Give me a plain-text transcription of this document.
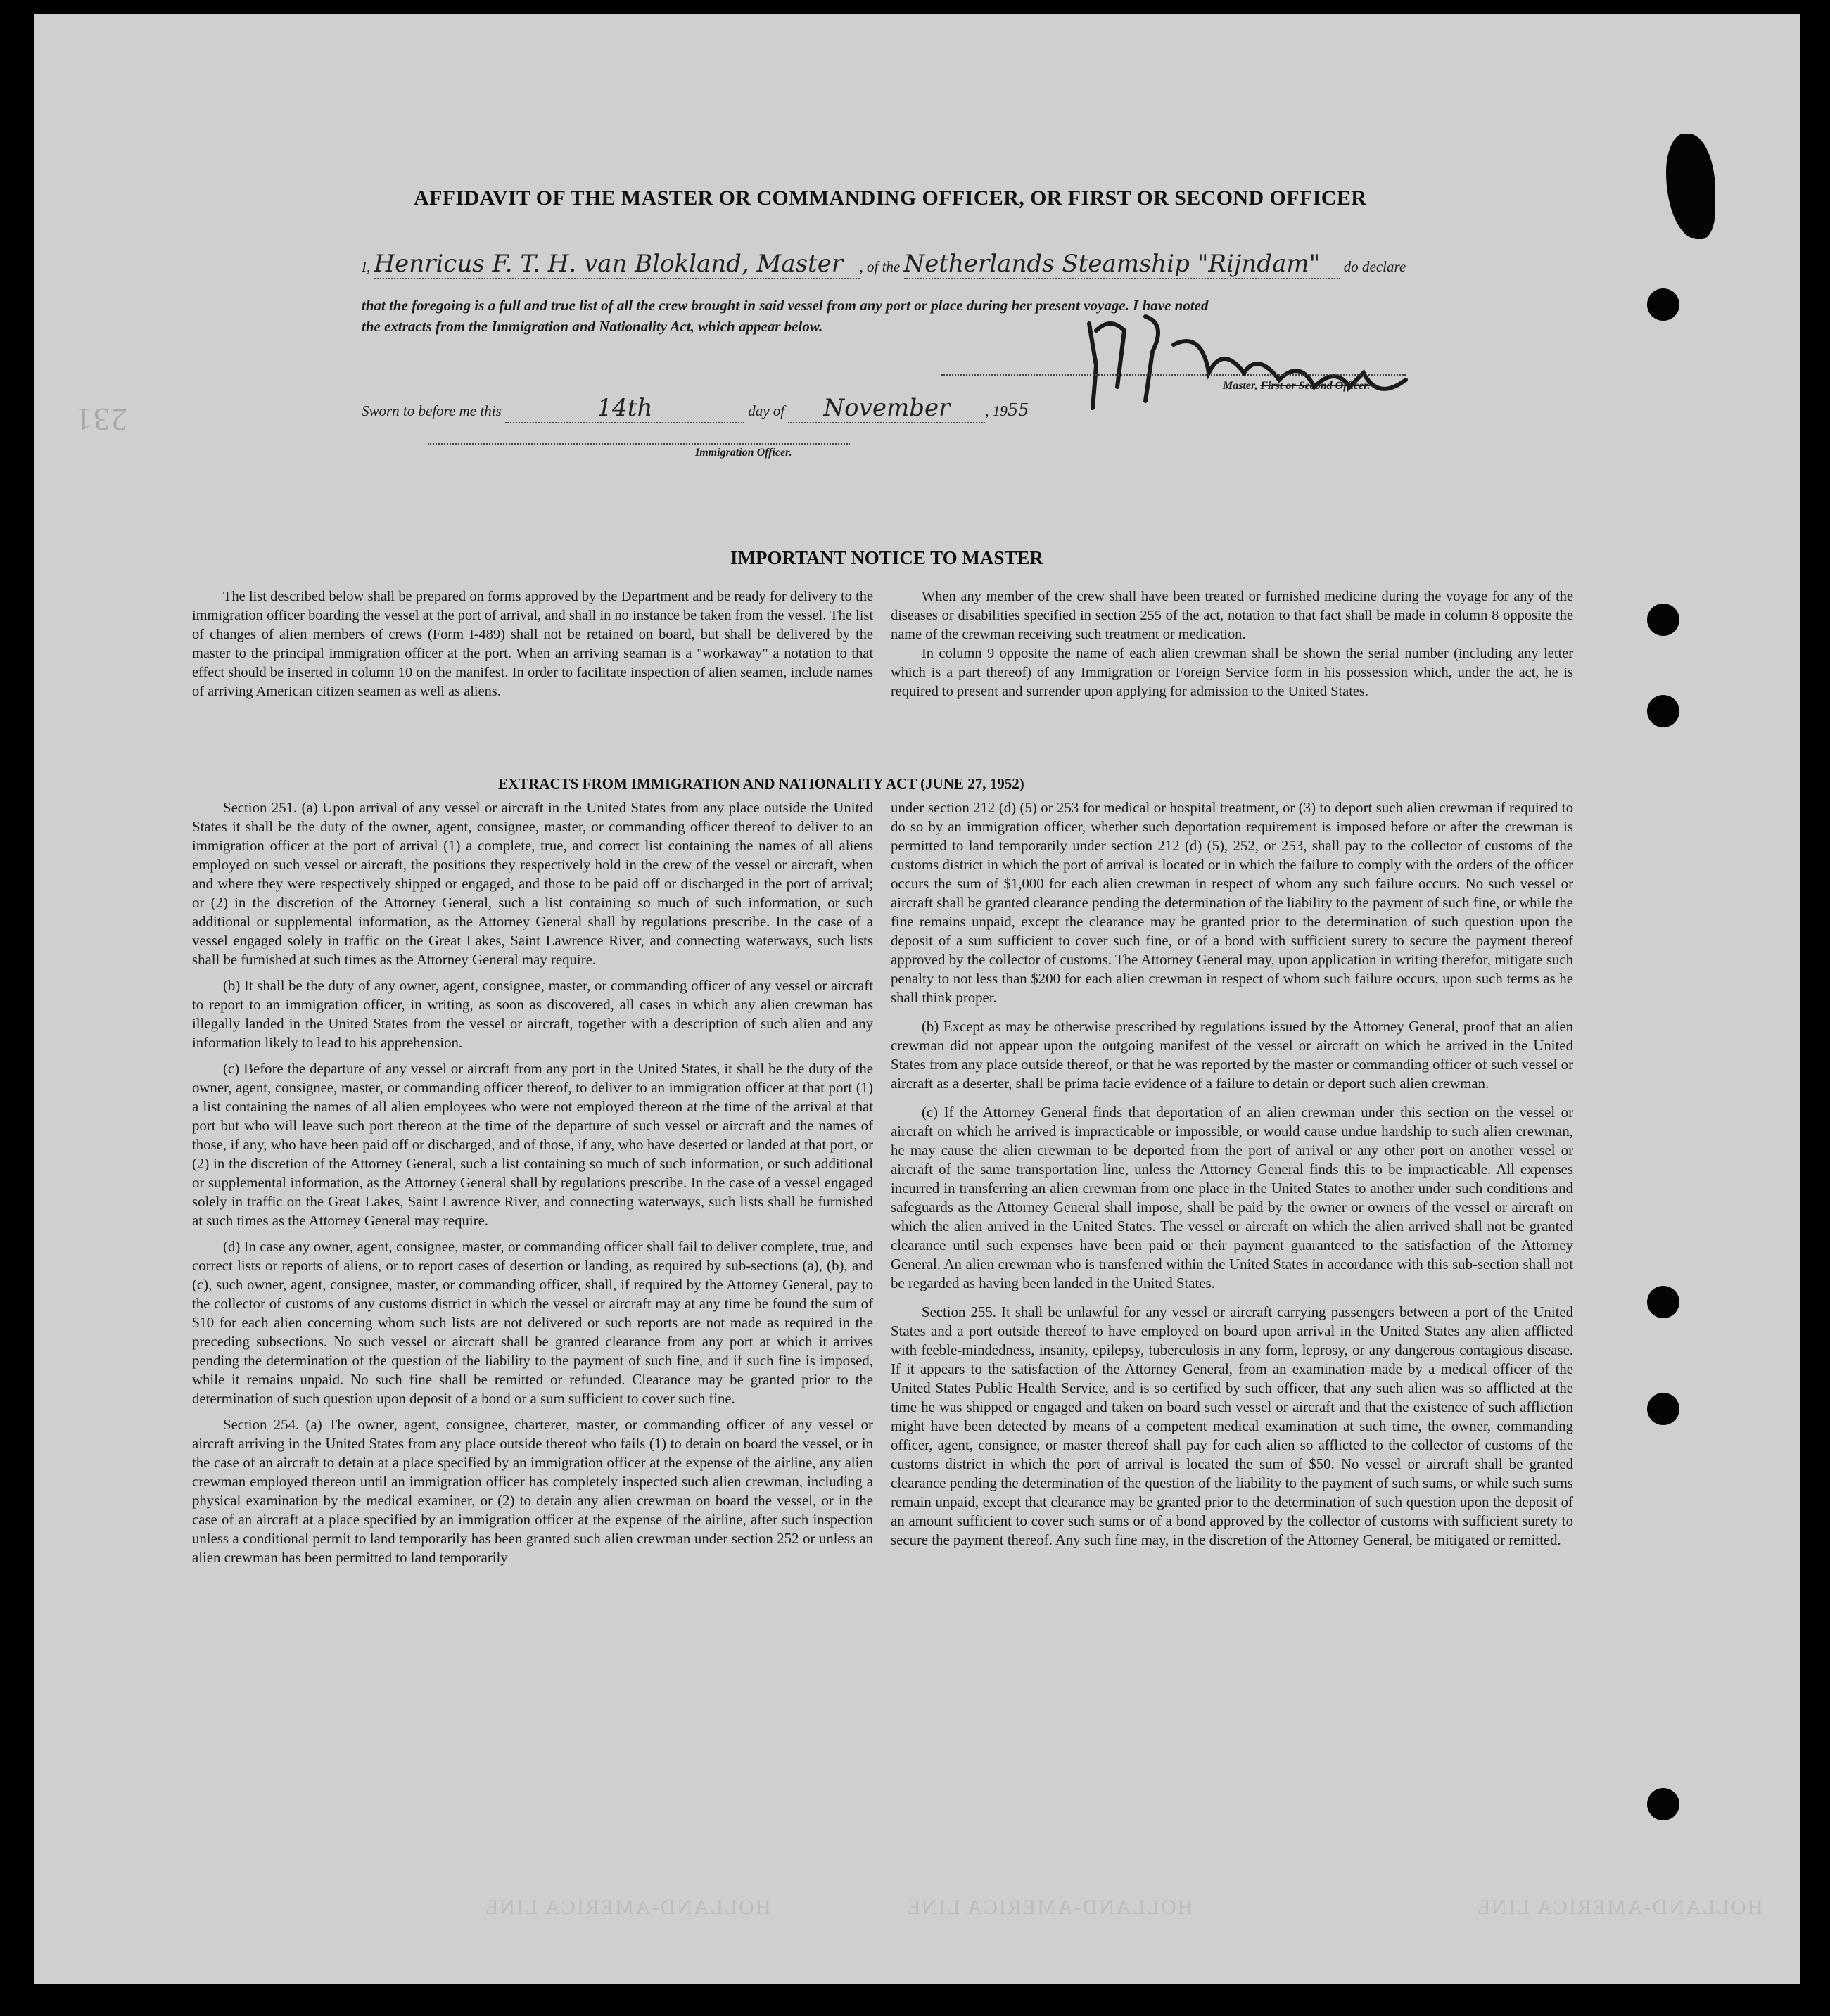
231
AFFIDAVIT OF THE MASTER OR COMMANDING OFFICER, OR FIRST OR SECOND OFFICER
I, Henricus F. T. H. van Blokland, Master , of the Netherlands Steamship "Rijndam" do declare
that the foregoing is a full and true list of all the crew brought in said vessel from any port or place during her present voyage. I have noted
the extracts from the Immigration and Nationality Act, which appear below.
Master, First or Second Officer.
Sworn to before me this	14th	day of November , 1955
Immigration Officer.
IMPORTANT NOTICE TO MASTER

The list described below shall be prepared on forms approved by the Department and be ready for delivery to the immigration officer boarding the vessel at the port of arrival, and shall in no instance be taken from the vessel. The list of changes of alien members of crews (Form I-489) shall not be retained on board, but shall be delivered by the master to the principal immigration officer at the port. When an arriving seaman is a "workaway" a notation to that effect should be inserted in column 10 on the manifest. In order to facilitate inspection of alien seamen, include names of arriving American citizen seamen as well as aliens.

When any member of the crew shall have been treated or furnished medicine during the voyage for any of the diseases or disabilities specified in section 255 of the act, notation to that fact shall be made in column 8 opposite the name of the crewman receiving such treatment or medication.

In column 9 opposite the name of each alien crewman shall be shown the serial number (including any letter which is a part thereof) of any Immigration or Foreign Service form in his possession which, under the act, he is required to present and surrender upon applying for admission to the United States.

EXTRACTS FROM IMMIGRATION AND NATIONALITY ACT (JUNE 27, 1952)

Section 251. (a) Upon arrival of any vessel or aircraft in the United States from any place outside the United States it shall be the duty of the owner, agent, consignee, master, or commanding officer thereof to deliver to an immigration officer at the port of arrival (1) a complete, true, and correct list containing the names of all aliens employed on such vessel or aircraft, the positions they respectively hold in the crew of the vessel or aircraft, when and where they were respectively shipped or engaged, and those to be paid off or discharged in the port of arrival; or (2) in the discretion of the Attorney General, such a list containing so much of such information, or such additional or supplemental information, as the Attorney General shall by regulations prescribe. In the case of a vessel engaged solely in traffic on the Great Lakes, Saint Lawrence River, and connecting waterways, such lists shall be furnished at such times as the Attorney General may require.

(b) It shall be the duty of any owner, agent, consignee, master, or commanding officer of any vessel or aircraft to report to an immigration officer, in writing, as soon as discovered, all cases in which any alien crewman has illegally landed in the United States from the vessel or aircraft, together with a description of such alien and any information likely to lead to his apprehension.

(c) Before the departure of any vessel or aircraft from any port in the United States, it shall be the duty of the owner, agent, consignee, master, or commanding officer thereof, to deliver to an immigration officer at that port (1) a list containing the names of all alien employees who were not employed thereon at the time of the arrival at that port but who will leave such port thereon at the time of the departure of such vessel or aircraft and the names of those, if any, who have been paid off or discharged, and of those, if any, who have deserted or landed at that port, or (2) in the discretion of the Attorney General, such a list containing so much of such information, or such additional or supplemental information, as the Attorney General shall by regulations prescribe. In the case of a vessel engaged solely in traffic on the Great Lakes, Saint Lawrence River, and connecting waterways, such lists shall be furnished at such times as the Attorney General may require.

(d) In case any owner, agent, consignee, master, or commanding officer shall fail to deliver complete, true, and correct lists or reports of aliens, or to report cases of desertion or landing, as required by sub-sections (a), (b), and (c), such owner, agent, consignee, master, or commanding officer, shall, if required by the Attorney General, pay to the collector of customs of any customs district in which the vessel or aircraft may at any time be found the sum of $10 for each alien concerning whom such lists are not delivered or such reports are not made as required in the preceding subsections. No such vessel or aircraft shall be granted clearance from any port at which it arrives pending the determination of the question of the liability to the payment of such fine, and if such fine is imposed, while it remains unpaid. No such fine shall be remitted or refunded. Clearance may be granted prior to the determination of such question upon deposit of a bond or a sum sufficient to cover such fine.

Section 254. (a) The owner, agent, consignee, charterer, master, or commanding officer of any vessel or aircraft arriving in the United States from any place outside thereof who fails (1) to detain on board the vessel, or in the case of an aircraft to detain at a place specified by an immigration officer at the expense of the airline, any alien crewman employed thereon until an immigration officer has completely inspected such alien crewman, including a physical examination by the medical examiner, or (2) to detain any alien crewman on board the vessel, or in the case of an aircraft at a place specified by an immigration officer at the expense of the airline, after such inspection unless a conditional permit to land temporarily has been granted such alien crewman under section 252 or unless an alien crewman has been permitted to land temporarily

under section 212 (d) (5) or 253 for medical or hospital treatment, or (3) to deport such alien crewman if required to do so by an immigration officer, whether such deportation requirement is imposed before or after the crewman is permitted to land temporarily under section 212 (d) (5), 252, or 253, shall pay to the collector of customs of the customs district in which the port of arrival is located or in which the failure to comply with the orders of the officer occurs the sum of $1,000 for each alien crewman in respect of whom any such failure occurs. No such vessel or aircraft shall be granted clearance pending the determination of the liability to the payment of such fine, or while the fine remains unpaid, except the clearance may be granted prior to the determination of such question upon the deposit of a sum sufficient to cover such fine, or of a bond with sufficient surety to secure the payment thereof approved by the collector of customs. The Attorney General may, upon application in writing therefor, mitigate such penalty to not less than $200 for each alien crewman in respect of whom such failure occurs, upon such terms as he shall think proper.

(b) Except as may be otherwise prescribed by regulations issued by the Attorney General, proof that an alien crewman did not appear upon the outgoing manifest of the vessel or aircraft on which he arrived in the United States from any place outside thereof, or that he was reported by the master or commanding officer of such vessel or aircraft as a deserter, shall be prima facie evidence of a failure to detain or deport such alien crewman.

(c) If the Attorney General finds that deportation of an alien crewman under this section on the vessel or aircraft on which he arrived is impracticable or impossible, or would cause undue hardship to such alien crewman, he may cause the alien crewman to be deported from the port of arrival or any other port on another vessel or aircraft of the same transportation line, unless the Attorney General finds this to be impracticable. All expenses incurred in transferring an alien crewman from one place in the United States to another under such conditions and safeguards as the Attorney General shall impose, shall be paid by the owner or owners of the vessel or aircraft on which the alien arrived in the United States. The vessel or aircraft on which the alien arrived shall not be granted clearance until such expenses have been paid or their payment guaranteed to the satisfaction of the Attorney General. An alien crewman who is transferred within the United States in accordance with this sub-section shall not be regarded as having been landed in the United States.

Section 255. It shall be unlawful for any vessel or aircraft carrying passengers between a port of the United States and a port outside thereof to have employed on board upon arrival in the United States any alien afflicted with feeble-mindedness, insanity, epilepsy, tuberculosis in any form, leprosy, or any dangerous contagious disease. If it appears to the satisfaction of the Attorney General, from an examination made by a medical officer of the United States Public Health Service, and is so certified by such officer, that any such alien was so afflicted at the time he was shipped or engaged and taken on board such vessel or aircraft and that the existence of such affliction might have been detected by means of a competent medical examination at such time, the owner, commanding officer, agent, consignee, or master thereof shall pay for each alien so afflicted to the collector of customs of the customs district in which the port of arrival is located the sum of $50. No vessel or aircraft shall be granted clearance pending the determination of the question of the liability to the payment of such sums, or while such sums remain unpaid, except that clearance may be granted prior to the determination of such question upon the deposit of an amount sufficient to cover such sums or of a bond approved by the collector of customs with sufficient surety to secure the payment thereof. Any such fine may, in the discretion of the Attorney General, be mitigated or remitted.

HOLLAND-AMERICA LINE	HOLLAND-AMERICA LINE	HOLLAND-AMERICA LINE
